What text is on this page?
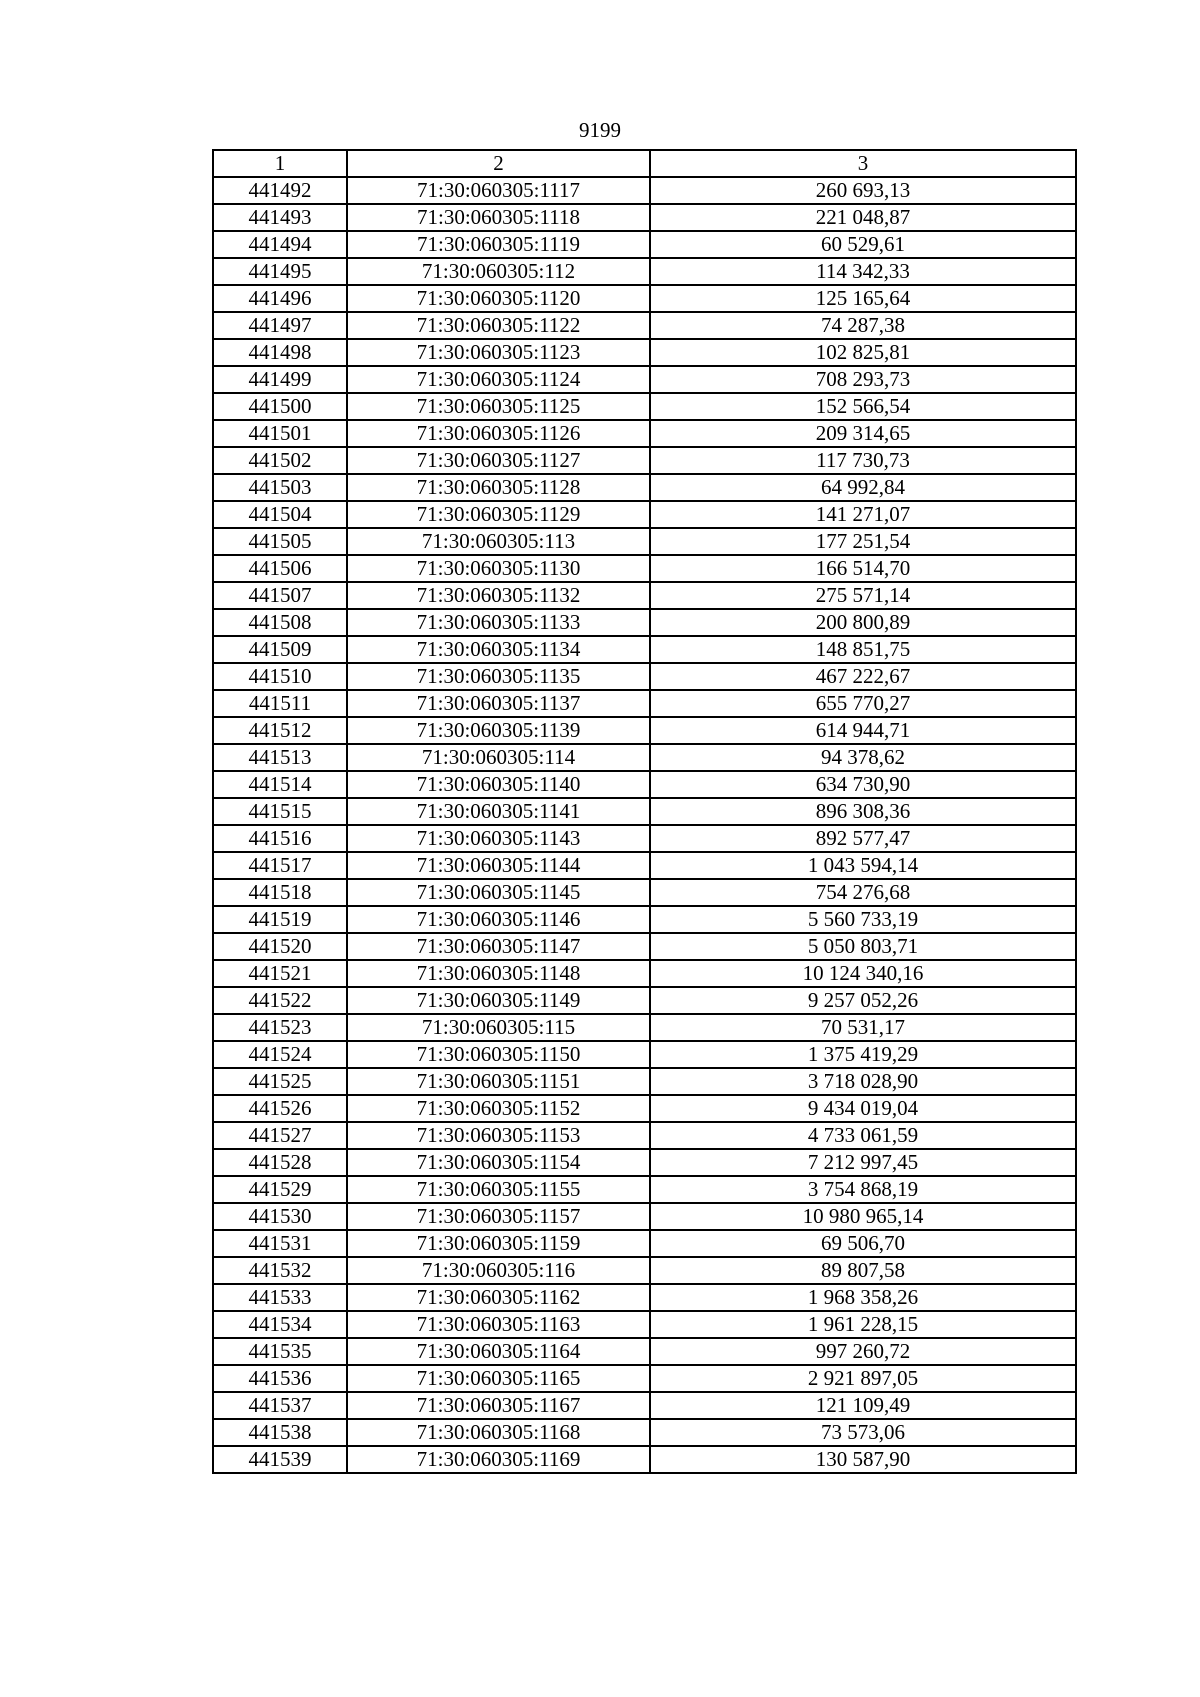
9199
1	2	3
441492	71:30:060305:1117	260 693,13
441493	71:30:060305:1118	221 048,87
441494	71:30:060305:1119	60 529,61
441495	71:30:060305:112	114 342,33
441496	71:30:060305:1120	125 165,64
441497	71:30:060305:1122	74 287,38
441498	71:30:060305:1123	102 825,81
441499	71:30:060305:1124	708 293,73
441500	71:30:060305:1125	152 566,54
441501	71:30:060305:1126	209 314,65
441502	71:30:060305:1127	117 730,73
441503	71:30:060305:1128	64 992,84
441504	71:30:060305:1129	141 271,07
441505	71:30:060305:113	177 251,54
441506	71:30:060305:1130	166 514,70
441507	71:30:060305:1132	275 571,14
441508	71:30:060305:1133	200 800,89
441509	71:30:060305:1134	148 851,75
441510	71:30:060305:1135	467 222,67
441511	71:30:060305:1137	655 770,27
441512	71:30:060305:1139	614 944,71
441513	71:30:060305:114	94 378,62
441514	71:30:060305:1140	634 730,90
441515	71:30:060305:1141	896 308,36
441516	71:30:060305:1143	892 577,47
441517	71:30:060305:1144	1 043 594,14
441518	71:30:060305:1145	754 276,68
441519	71:30:060305:1146	5 560 733,19
441520	71:30:060305:1147	5 050 803,71
441521	71:30:060305:1148	10 124 340,16
441522	71:30:060305:1149	9 257 052,26
441523	71:30:060305:115	70 531,17
441524	71:30:060305:1150	1 375 419,29
441525	71:30:060305:1151	3 718 028,90
441526	71:30:060305:1152	9 434 019,04
441527	71:30:060305:1153	4 733 061,59
441528	71:30:060305:1154	7 212 997,45
441529	71:30:060305:1155	3 754 868,19
441530	71:30:060305:1157	10 980 965,14
441531	71:30:060305:1159	69 506,70
441532	71:30:060305:116	89 807,58
441533	71:30:060305:1162	1 968 358,26
441534	71:30:060305:1163	1 961 228,15
441535	71:30:060305:1164	997 260,72
441536	71:30:060305:1165	2 921 897,05
441537	71:30:060305:1167	121 109,49
441538	71:30:060305:1168	73 573,06
441539	71:30:060305:1169	130 587,90
